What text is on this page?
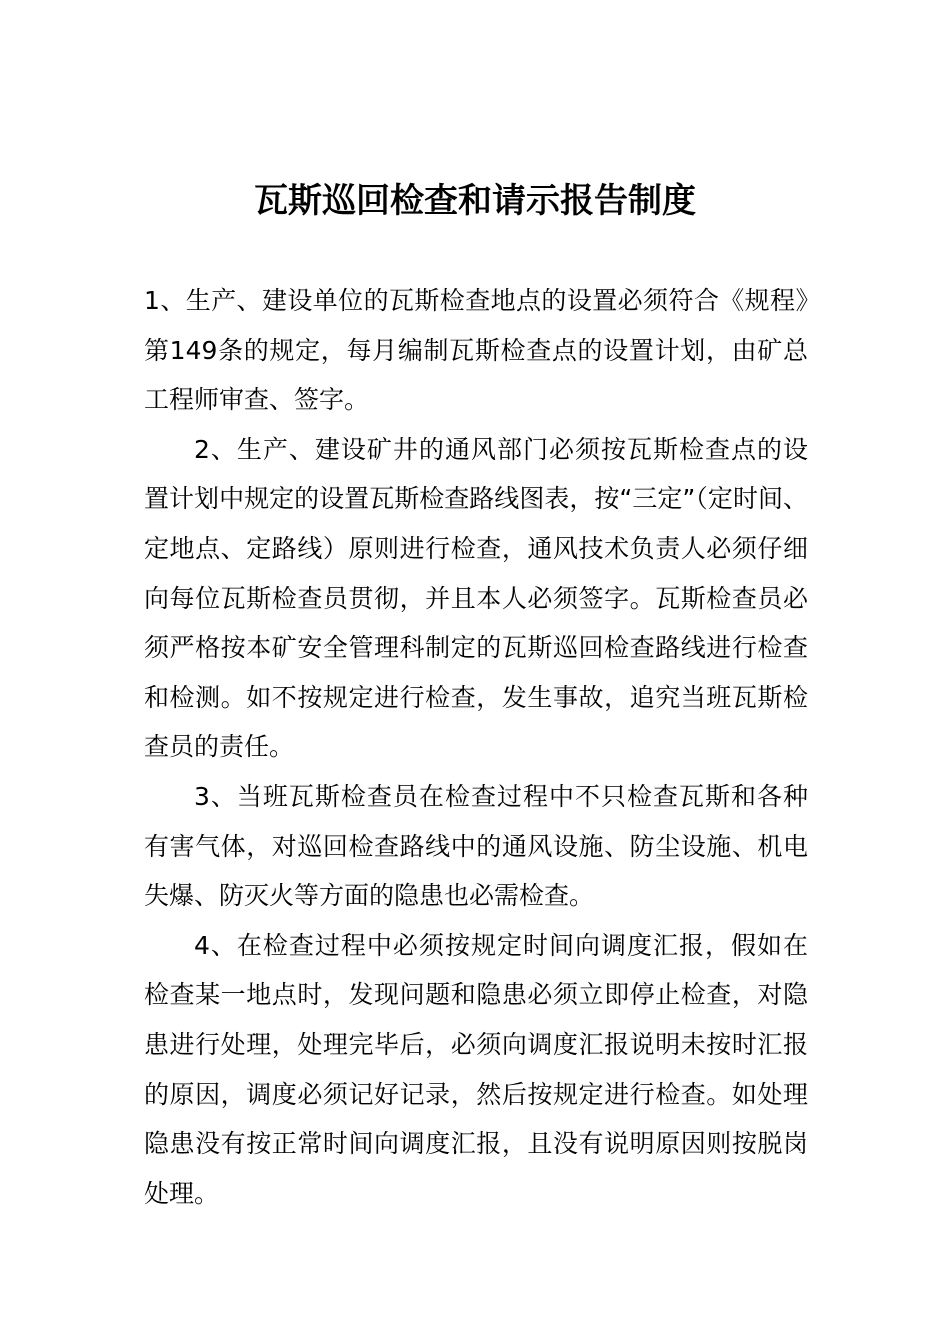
瓦斯巡回检查和请示报告制度

1、生产、建设单位的瓦斯检查地点的设置必须符合《规程》第149条的规定，每月编制瓦斯检查点的设置计划，由矿总工程师审查、签字。

2、生产、建设矿井的通风部门必须按瓦斯检查点的设置计划中规定的设置瓦斯检查路线图表，按“三定”（定时间、定地点、定路线）原则进行检查，通风技术负责人必须仔细向每位瓦斯检查员贯彻，并且本人必须签字。瓦斯检查员必须严格按本矿安全管理科制定的瓦斯巡回检查路线进行检查和检测。如不按规定进行检查，发生事故，追究当班瓦斯检查员的责任。

3、当班瓦斯检查员在检查过程中不只检查瓦斯和各种有害气体，对巡回检查路线中的通风设施、防尘设施、机电失爆、防灭火等方面的隐患也必需检查。

4、在检查过程中必须按规定时间向调度汇报，假如在检查某一地点时，发现问题和隐患必须立即停止检查，对隐患进行处理，处理完毕后，必须向调度汇报说明未按时汇报的原因，调度必须记好记录，然后按规定进行检查。如处理隐患没有按正常时间向调度汇报，且没有说明原因则按脱岗处理。
